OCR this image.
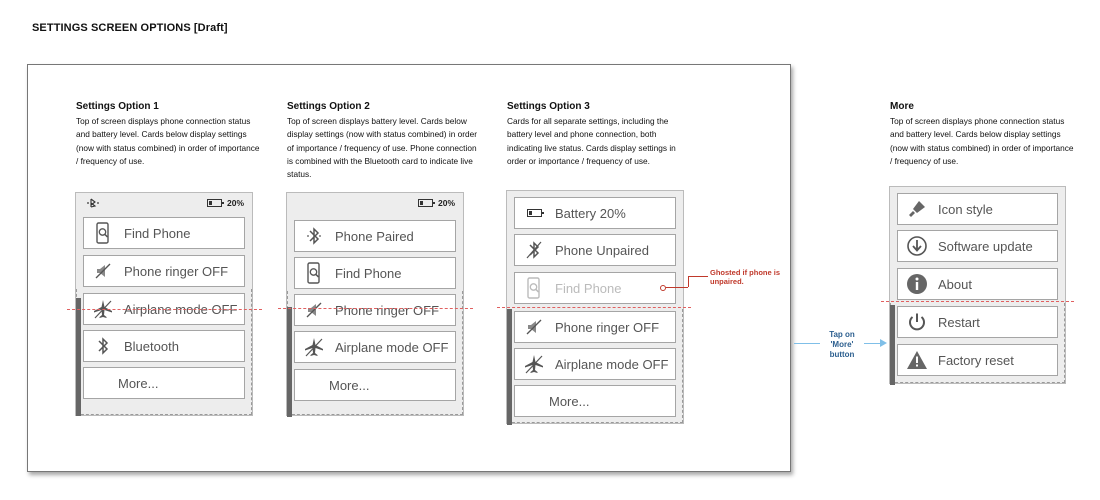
SETTINGS SCREEN OPTIONS [Draft]
Settings Option 1
Top of screen displays phone connection status and battery level. Cards below display settings (now with status combined) in order of importance / frequency of use.
20%
Find Phone
Phone ringer OFF
Airplane mode OFF
Bluetooth
More...
Settings Option 2
Top of screen displays battery level. Cards below display settings (now with status combined) in order of importance / frequency of use. Phone connection is combined with the Bluetooth card to indicate live status.
20%
Phone Paired
Find Phone
Phone ringer OFF
Airplane mode OFF
More...
Settings Option 3
Cards for all separate settings, including the battery level and phone connection, both indicating live status. Cards display settings in order or importance / frequency of use.
Battery 20%
Phone Unpaired
Find Phone
Phone ringer OFF
Airplane mode OFF
More...
Ghosted if phone is unpaired.
Tap on 'More' button
More
Top of screen displays phone connection status and battery level. Cards below display settings (now with status combined) in order of importance / frequency of use.
Icon style
Software update
About
Restart
Factory reset
